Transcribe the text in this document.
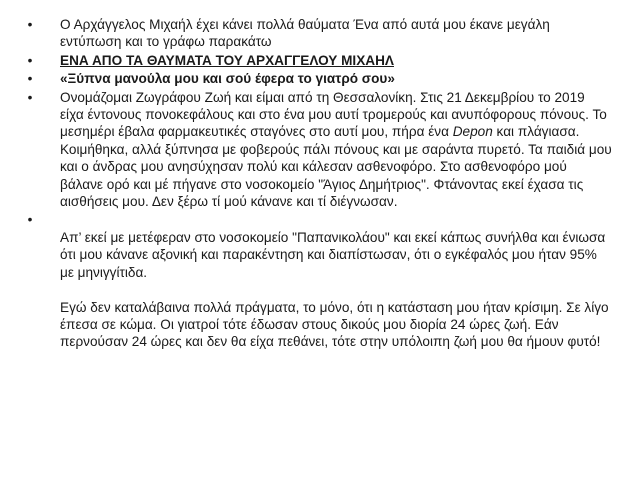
• Ο Αρχάγγελος Μιχαήλ έχει κάνει πολλά θαύματα Ένα από αυτά μου έκανε μεγάλη εντύπωση και το γράφω παρακάτω
• ΕΝΑ ΑΠΟ ΤΑ ΘΑΥΜΑΤΑ ΤΟΥ ΑΡΧΑΓΓΕΛΟΥ ΜΙΧΑΗΛ
• «Ξύπνα μανούλα μου και σού έφερα το γιατρό σου»
• Ονομάζομαι Ζωγράφου Ζωή και είμαι από τη Θεσσαλονίκη. Στις 21 Δεκεμβρίου το 2019 είχα έντονους πονοκεφάλους και στο ένα μου αυτί τρομερούς και ανυπόφορους πόνους. Το μεσημέρι έβαλα φαρμακευτικές σταγόνες στο αυτί μου, πήρα ένα Depon και πλάγιασα. Κοιμήθηκα, αλλά ξύπνησα με φοβερούς πάλι πόνους και με σαράντα πυρετό. Τα παιδιά μου και ο άνδρας μου ανησύχησαν πολύ και κάλεσαν ασθενοφόρο. Στο ασθενοφόρο μού βάλανε ορό και μέ πήγανε στο νοσοκομείο "Άγιος Δημήτριος". Φτάνοντας εκεί έχασα τις αισθήσεις μου. Δεν ξέρω τί μού κάνανε και τί διέγνωσαν.
•

Απ’ εκεί με μετέφεραν στο νοσοκομείο "Παπανικολάου" και εκεί κάπως συνήλθα και ένιωσα ότι μου κάνανε αξονική και παρακέντηση και διαπίστωσαν, ότι ο εγκέφαλός μου ήταν 95% με μηνιγγίτιδα.

Εγώ δεν καταλάβαινα πολλά πράγματα, το μόνο, ότι η κατάσταση μου ήταν κρίσιμη. Σε λίγο έπεσα σε κώμα. Οι γιατροί τότε έδωσαν στους δικούς μου διορία 24 ώρες ζωή. Εάν περνούσαν 24 ώρες και δεν θα είχα πεθάνει, τότε στην υπόλοιπη ζωή μου θα ήμουν φυτό!
